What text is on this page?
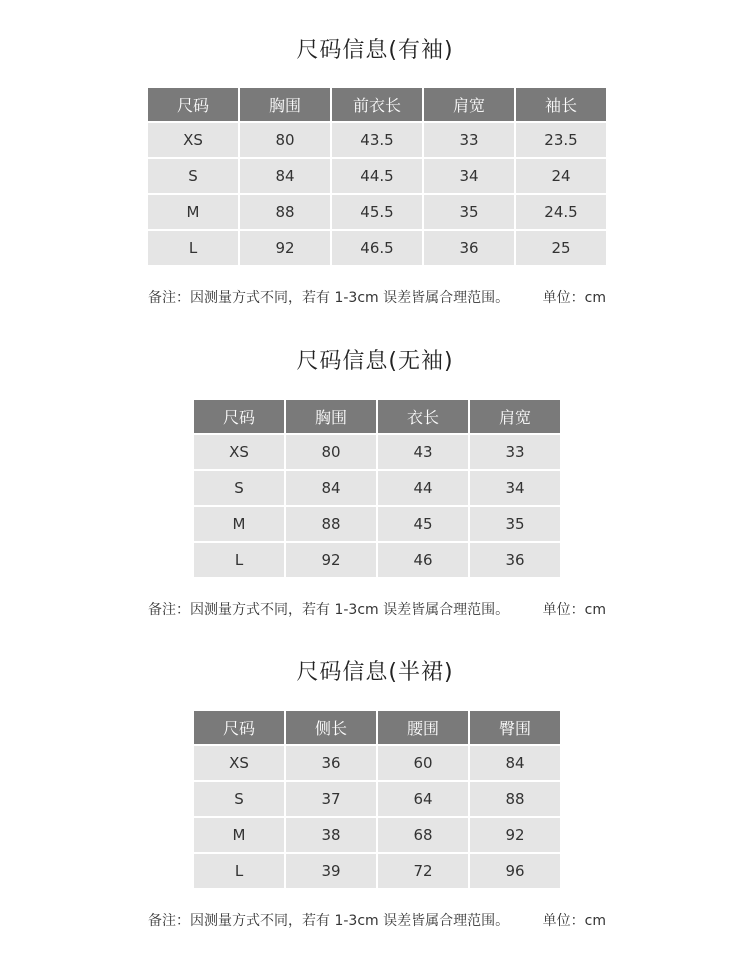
尺码信息(有袖)
尺码	胸围	前衣长	肩宽	袖长
XS	80	43.5	33	23.5
S	84	44.5	34	24
M	88	45.5	35	24.5
L	92	46.5	36	25
备注：因测量方式不同，若有 1-3cm 误差皆属合理范围。 单位：cm
尺码信息(无袖)
尺码	胸围	衣长	肩宽
XS	80	43	33
S	84	44	34
M	88	45	35
L	92	46	36
备注：因测量方式不同，若有 1-3cm 误差皆属合理范围。 单位：cm
尺码信息(半裙)
尺码	侧长	腰围	臀围
XS	36	60	84
S	37	64	88
M	38	68	92
L	39	72	96
备注：因测量方式不同，若有 1-3cm 误差皆属合理范围。 单位：cm
